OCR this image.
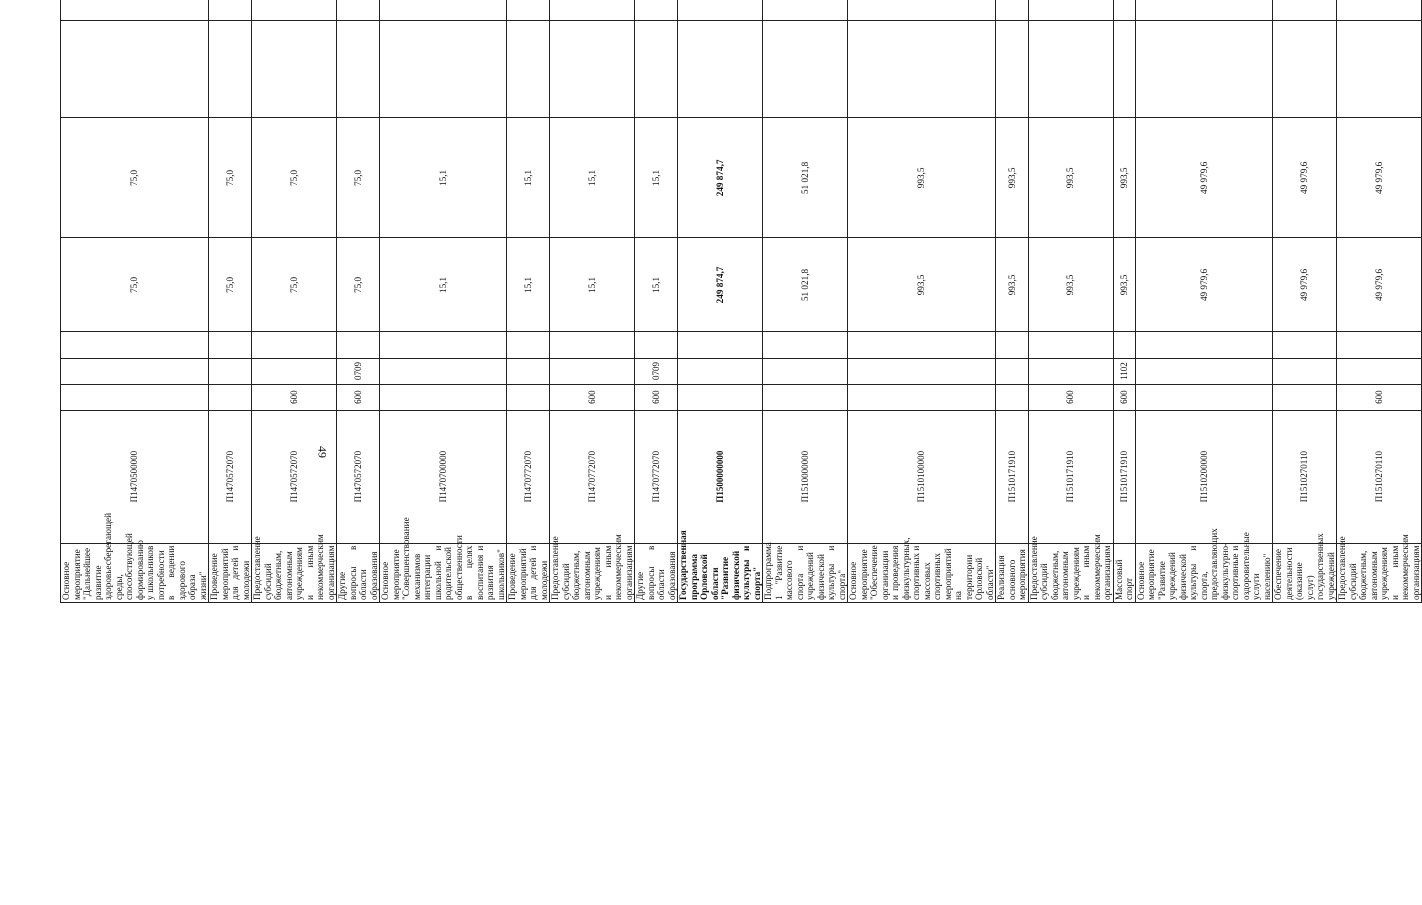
49
Основное мероприятие "Дальнейшее развитие здоровьесберегающей среды, способствующей формированию у школьников потребности в ведении здорового образа жизни"	П1470500000				75,0	75,0			
Проведение мероприятий для детей и молодежи	П1470572070				75,0	75,0			
Предоставление субсидий бюджетным, автономным учреждениям и иным некоммерческим организациям	П1470572070	600			75,0	75,0			
Другие вопросы в области образования	П1470572070	600	0709		75,0	75,0			
Основное мероприятие "Совершенствование механизмов интеграции школьной и родительской общественности в целях воспитания и развития школьников"	П1470700000				15,1	15,1			
Проведение мероприятий для детей и молодежи	П1470772070				15,1	15,1			
Предоставление субсидий бюджетным, автономным учреждениям и иным некоммерческим организациям	П1470772070	600			15,1	15,1			
Другие вопросы в области образования	П1470772070	600	0709		15,1	15,1			
Государственная программа Орловской области "Развитие физической культуры и спорта"	П1500000000				249 874,7	249 874,7			
Подпрограмма 1 "Развитие массового спорта и учреждений физической культуры и спорта"	П1510000000				51 021,8	51 021,8			
Основное мероприятие "Обеспечение организации и проведения физкультурных, спортивных и массовых спортивных мероприятий на территории Орловской области"	П1510100000				993,5	993,5			
Реализация основного мероприятия	П1510171910				993,5	993,5			
Предоставление субсидий бюджетным, автономным учреждениям и иным некоммерческим организациям	П1510171910	600			993,5	993,5			
Массовый спорт	П1510171910	600	1102		993,5	993,5			
Основное мероприятие "Развитие учреждений физической культуры и спорта, предоставляющих физкультурно-спортивные и оздоровительные услуги населению"	П1510200000				49 979,6	49 979,6			
Обеспечение деятельности (оказание услуг) государственных учреждений	П1510270110				49 979,6	49 979,6			
Предоставление субсидий бюджетным, автономным учреждениям и иным некоммерческим организациям	П1510270110	600			49 979,6	49 979,6			
